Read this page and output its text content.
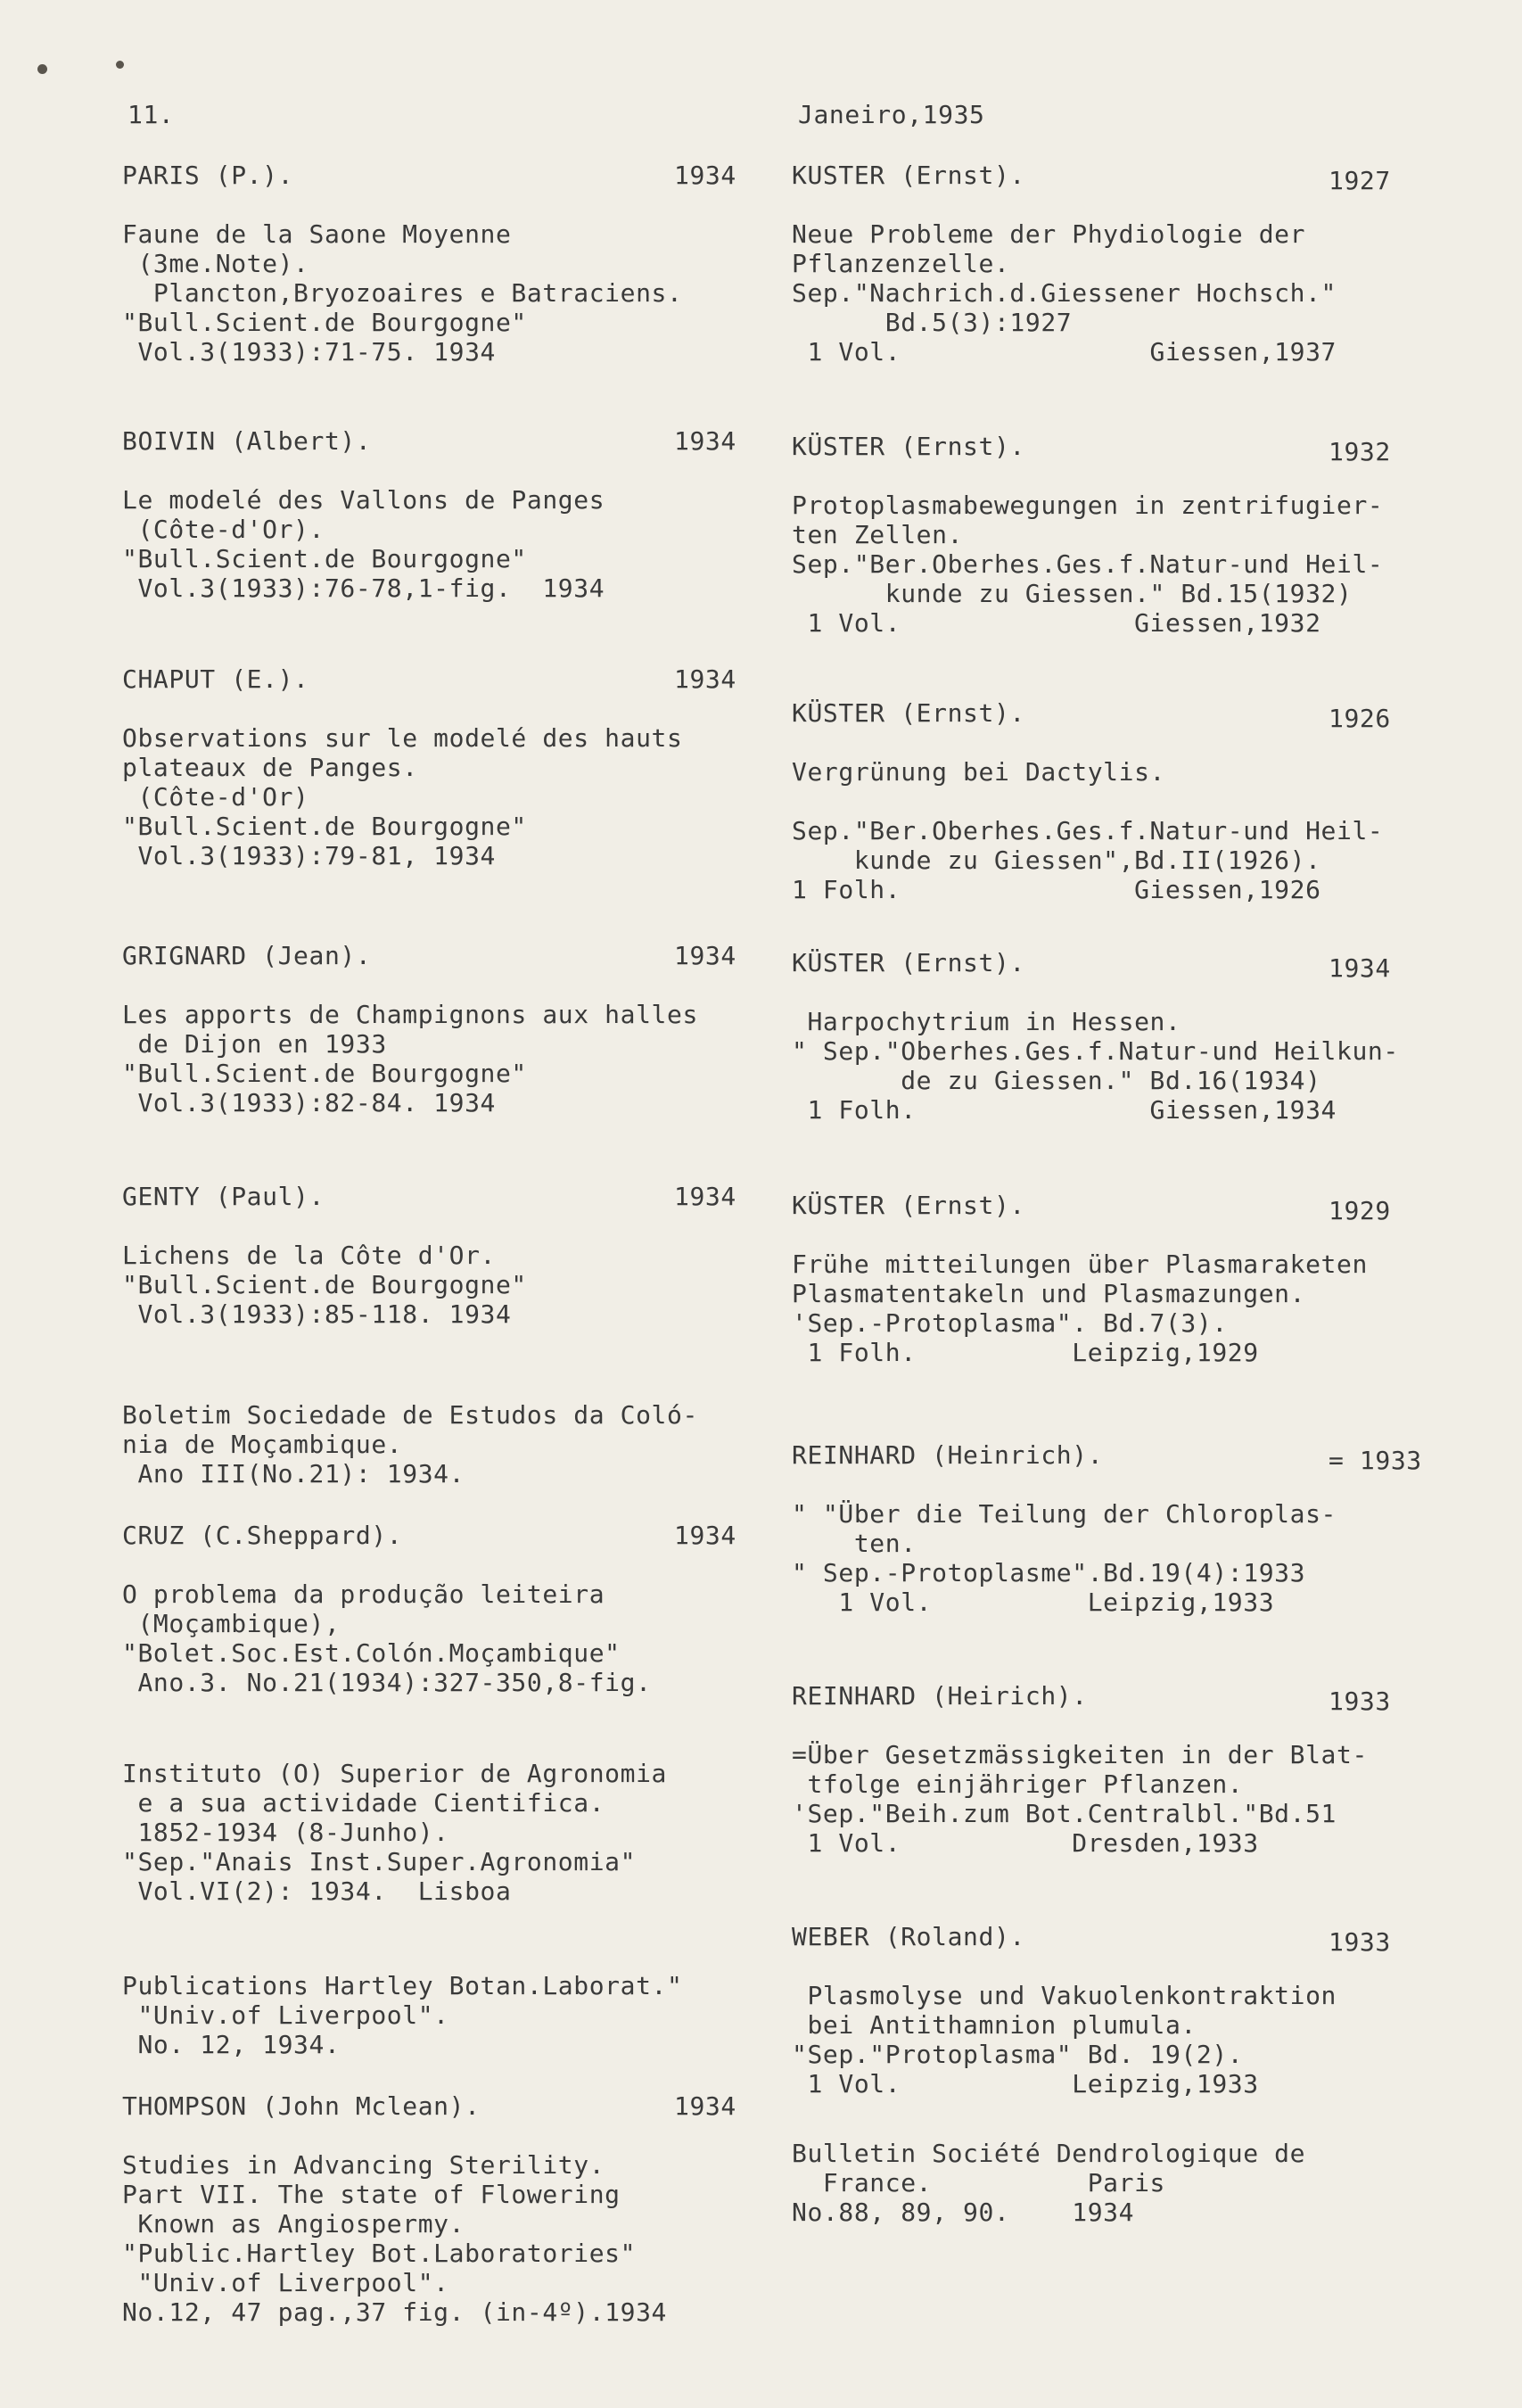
11.	Janeiro,1935
PARIS (P.).	1934
Faune de la Saone Moyenne
(3me.Note).
Plancton,Bryozoaires e Batraciens.
"Bull.Scient.de Bourgogne"
Vol.3(1933):71-75. 1934
BOIVIN (Albert).	1934
Le modelé des Vallons de Panges
(Côte-d'Or).
"Bull.Scient.de Bourgogne"
Vol.3(1933):76-78,1-fig.  1934
CHAPUT (E.).	1934
Observations sur le modelé des hauts
plateaux de Panges.
(Côte-d'Or)
"Bull.Scient.de Bourgogne"
Vol.3(1933):79-81, 1934
GRIGNARD (Jean).	1934
Les apports de Champignons aux halles
de Dijon en 1933
"Bull.Scient.de Bourgogne"
Vol.3(1933):82-84. 1934
GENTY (Paul).	1934
Lichens de la Côte d'Or.
"Bull.Scient.de Bourgogne"
Vol.3(1933):85-118. 1934
Boletim Sociedade de Estudos da Coló-
nia de Moçambique.
Ano III(No.21): 1934.
CRUZ (C.Sheppard).	1934
O problema da produção leiteira
(Moçambique),
"Bolet.Soc.Est.Colón.Moçambique"
Ano.3. No.21(1934):327-350,8-fig.
Instituto (O) Superior de Agronomia
e a sua actividade Cientifica.
1852-1934 (8-Junho).
"Sep."Anais Inst.Super.Agronomia"
Vol.VI(2): 1934.  Lisboa
Publications Hartley Botan.Laborat."
"Univ.of Liverpool".
No. 12, 1934.
THOMPSON (John Mclean).	1934
Studies in Advancing Sterility.
Part VII. The state of Flowering
Known as Angiospermy.
"Public.Hartley Bot.Laboratories"
"Univ.of Liverpool".
No.12, 47 pag.,37 fig. (in-4º).1934
KUSTER (Ernst).	1927
Neue Probleme der Phydiologie der
Pflanzenzelle.
Sep."Nachrich.d.Giessener Hochsch."
Bd.5(3):1927
1 Vol.                Giessen,1937
KÜSTER (Ernst).	1932
Protoplasmabewegungen in zentrifugier-
ten Zellen.
Sep."Ber.Oberhes.Ges.f.Natur-und Heil-
kunde zu Giessen." Bd.15(1932)
1 Vol.               Giessen,1932
KÜSTER (Ernst).	1926
Vergrünung bei Dactylis.
Sep."Ber.Oberhes.Ges.f.Natur-und Heil-
kunde zu Giessen",Bd.II(1926).
1 Folh.               Giessen,1926
KÜSTER (Ernst).	1934
Harpochytrium in Hessen.
" Sep."Oberhes.Ges.f.Natur-und Heilkun-
de zu Giessen." Bd.16(1934)
1 Folh.               Giessen,1934
KÜSTER (Ernst).	1929
Frühe mitteilungen über Plasmaraketen
Plasmatentakeln und Plasmazungen.
'Sep.-Protoplasma". Bd.7(3).
1 Folh.          Leipzig,1929
REINHARD (Heinrich).	= 1933
" "Über die Teilung der Chloroplas-
ten.
" Sep.-Protoplasme".Bd.19(4):1933
1 Vol.          Leipzig,1933
REINHARD (Heirich).	1933
=Über Gesetzmässigkeiten in der Blat-
tfolge einjähriger Pflanzen.
'Sep."Beih.zum Bot.Centralbl."Bd.51
1 Vol.           Dresden,1933
WEBER (Roland).	1933
Plasmolyse und Vakuolenkontraktion
bei Antithamnion plumula.
"Sep."Protoplasma" Bd. 19(2).
1 Vol.           Leipzig,1933
Bulletin Société Dendrologique de
France.          Paris
No.88, 89, 90.    1934
